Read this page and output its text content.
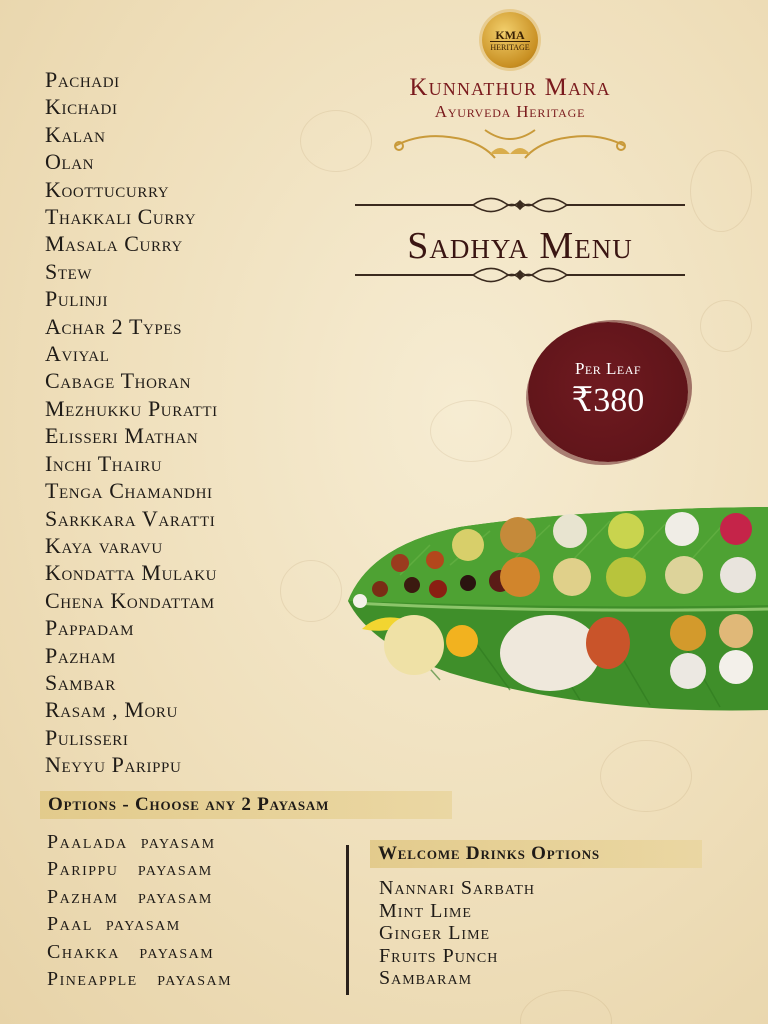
KMA
HERITAGE
Kunnathur Mana
Ayurveda Heritage
Sadhya Menu
Per Leaf
₹380
Pachadi
Kichadi
Kalan
Olan
Koottucurry
Thakkali Curry
Masala Curry
Stew
Pulinji
Achar 2 Types
Aviyal
Cabage Thoran
Mezhukku Puratti
Elisseri Mathan
Inchi Thairu
Tenga Chamandhi
Sarkkara Varatti
Kaya varavu
Kondatta Mulaku
Chena Kondattam
Pappadam
Pazham
Sambar
Rasam , Moru
Pulisseri
Neyyu Parippu
Options - Choose any 2 Payasam
Paalada  payasam
Parippu   payasam
Pazham   payasam
Paal  payasam
Chakka   payasam
Pineapple   payasam
Welcome Drinks Options
Nannari Sarbath
Mint Lime
Ginger Lime
Fruits Punch
Sambaram
